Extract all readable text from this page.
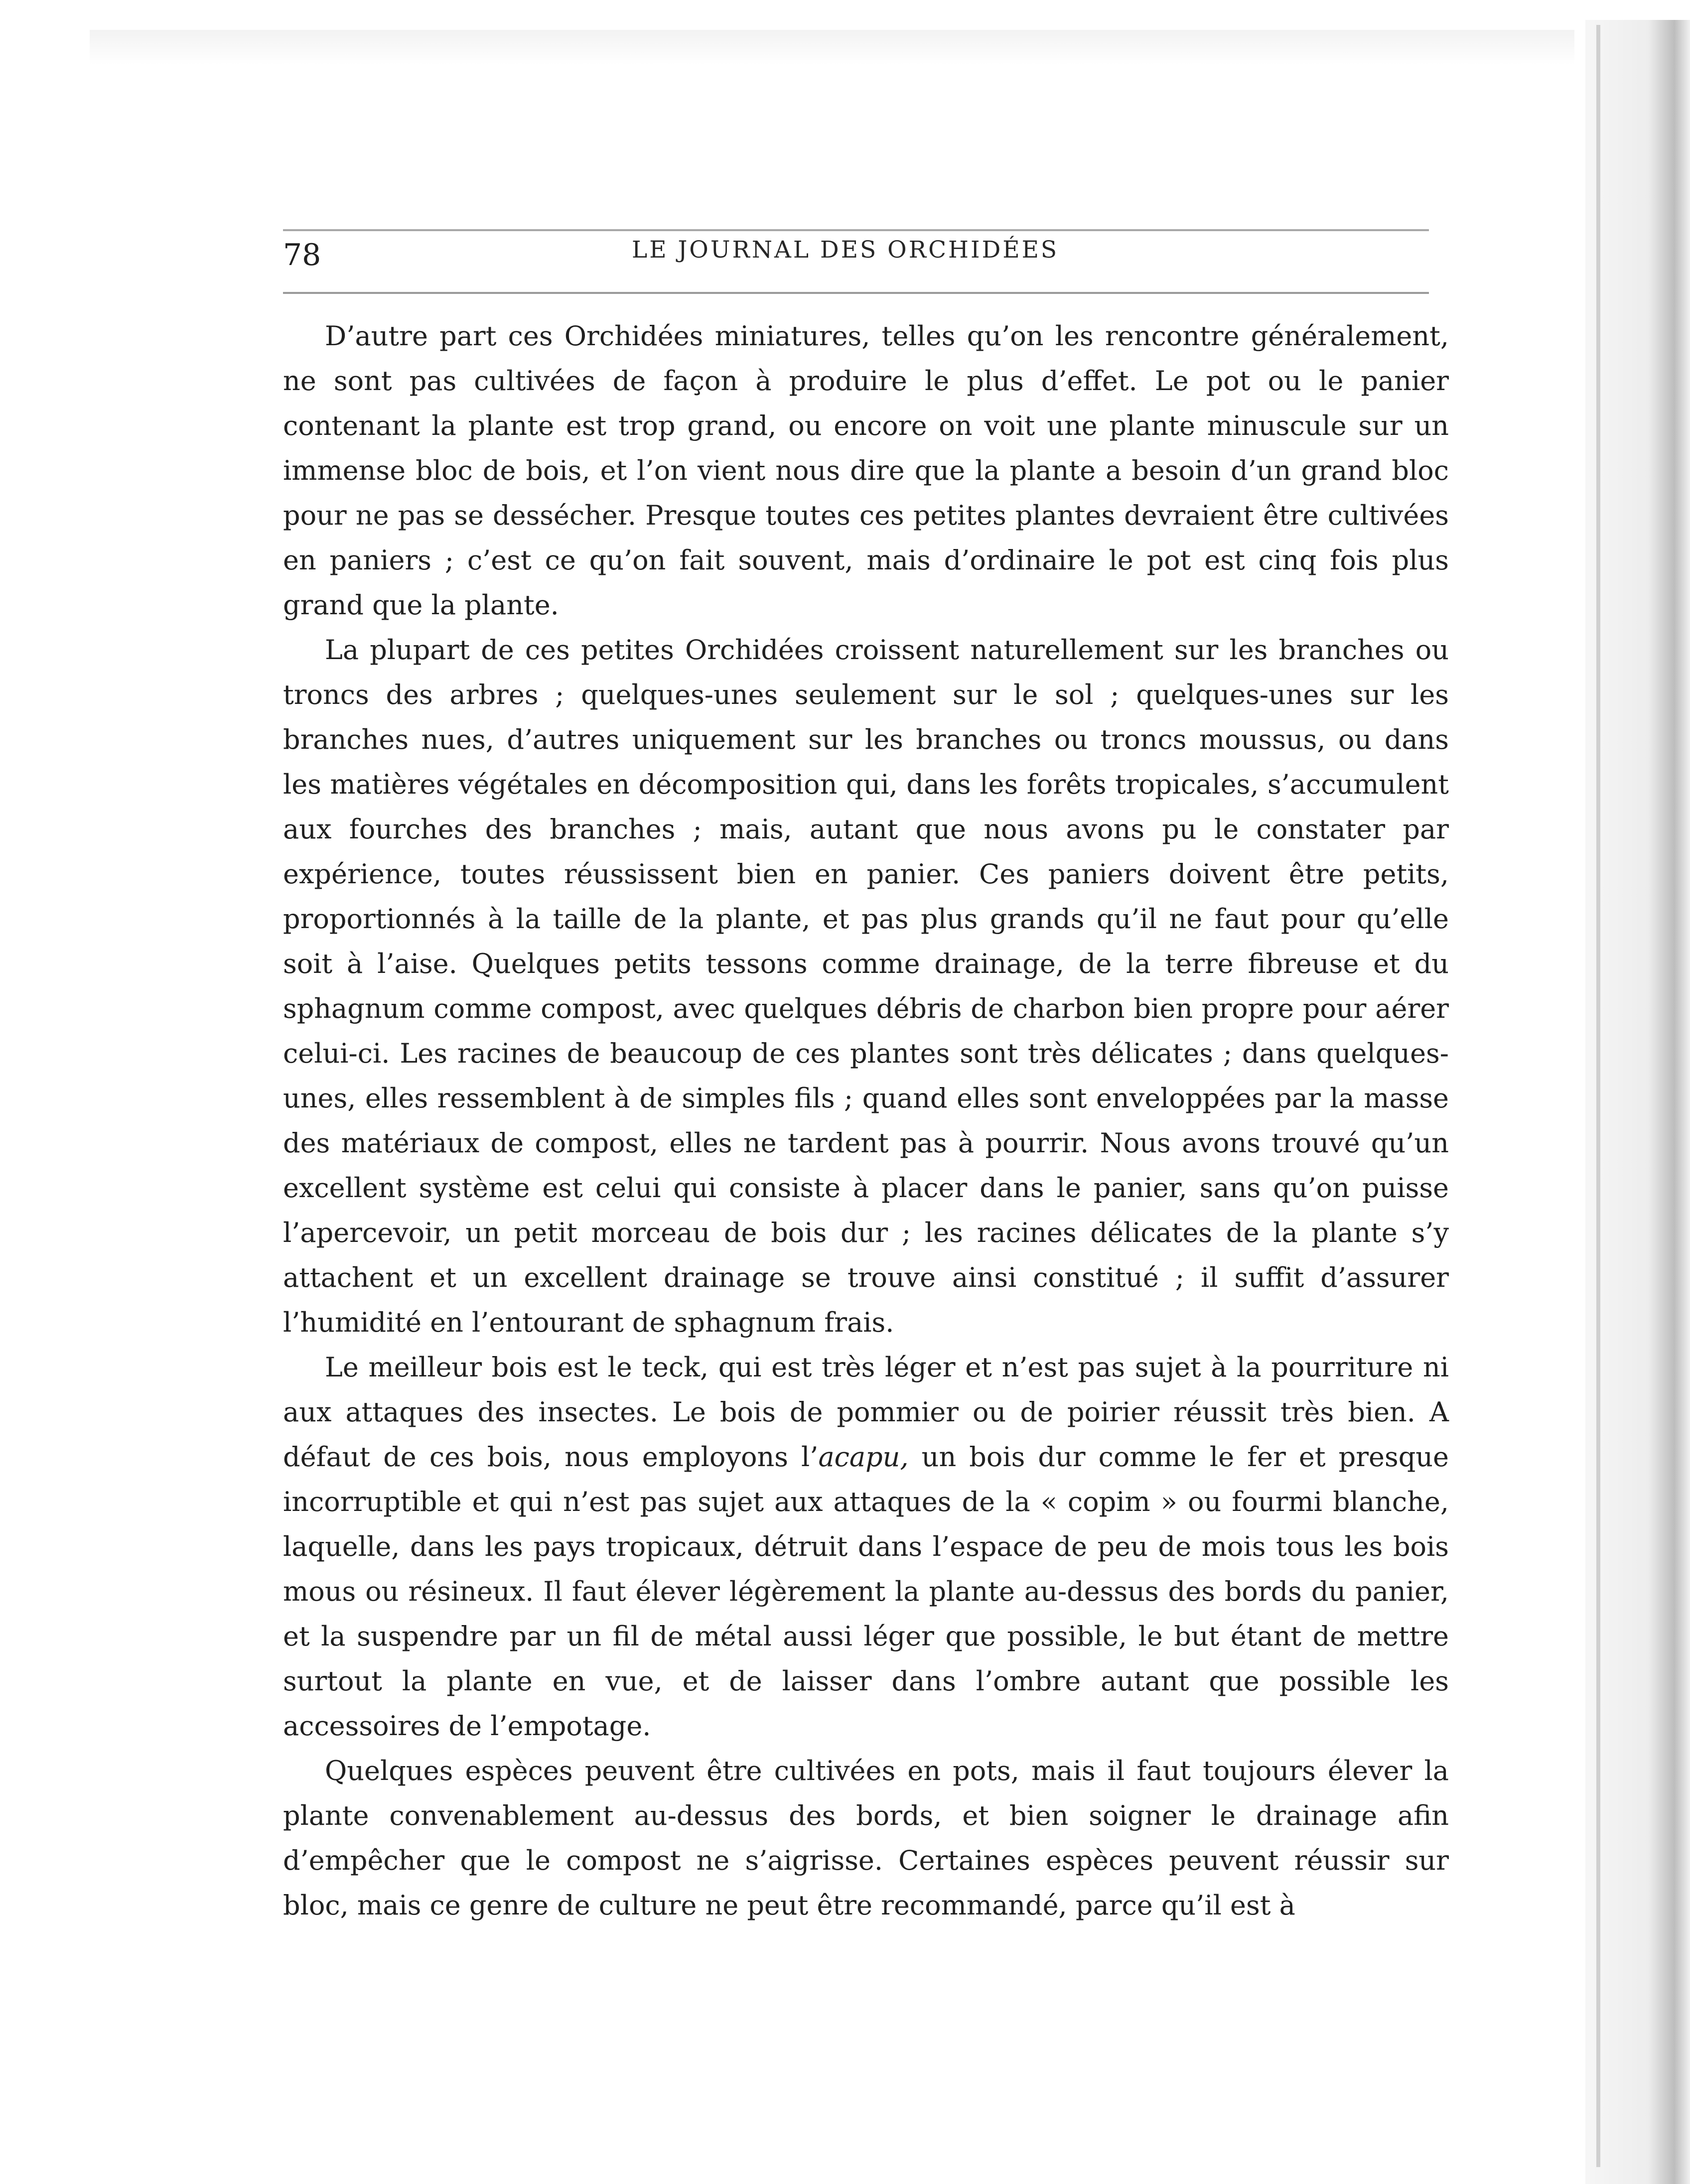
78	LE JOURNAL DES ORCHIDÉES

D’autre part ces Orchidées miniatures, telles qu’on les rencontre généralement, ne sont pas cultivées de façon à produire le plus d’effet. Le pot ou le panier contenant la plante est trop grand, ou encore on voit une plante minuscule sur un immense bloc de bois, et l’on vient nous dire que la plante a besoin d’un grand bloc pour ne pas se dessécher. Presque toutes ces petites plantes devraient être cultivées en paniers ; c’est ce qu’on fait souvent, mais d’ordinaire le pot est cinq fois plus grand que la plante.

La plupart de ces petites Orchidées croissent naturellement sur les branches ou troncs des arbres ; quelques-unes seulement sur le sol ; quelques-unes sur les branches nues, d’autres uniquement sur les branches ou troncs moussus, ou dans les matières végétales en décomposition qui, dans les forêts tropicales, s’accumulent aux fourches des branches ; mais, autant que nous avons pu le constater par expérience, toutes réussissent bien en panier. Ces paniers doivent être petits, proportionnés à la taille de la plante, et pas plus grands qu’il ne faut pour qu’elle soit à l’aise. Quelques petits tessons comme drainage, de la terre fibreuse et du sphagnum comme compost, avec quelques débris de charbon bien propre pour aérer celui-ci. Les racines de beaucoup de ces plantes sont très délicates ; dans quelques-unes, elles ressemblent à de simples fils ; quand elles sont enveloppées par la masse des matériaux de compost, elles ne tardent pas à pourrir. Nous avons trouvé qu’un excellent système est celui qui consiste à placer dans le panier, sans qu’on puisse l’apercevoir, un petit morceau de bois dur ; les racines délicates de la plante s’y attachent et un excellent drainage se trouve ainsi constitué ; il suffit d’assurer l’humidité en l’entourant de sphagnum frais.

Le meilleur bois est le teck, qui est très léger et n’est pas sujet à la pourriture ni aux attaques des insectes. Le bois de pommier ou de poirier réussit très bien. A défaut de ces bois, nous employons l’acapu, un bois dur comme le fer et presque incorruptible et qui n’est pas sujet aux attaques de la « copim » ou fourmi blanche, laquelle, dans les pays tropicaux, détruit dans l’espace de peu de mois tous les bois mous ou résineux. Il faut élever légèrement la plante au-dessus des bords du panier, et la suspendre par un fil de métal aussi léger que possible, le but étant de mettre surtout la plante en vue, et de laisser dans l’ombre autant que possible les accessoires de l’empotage.

Quelques espèces peuvent être cultivées en pots, mais il faut toujours élever la plante convenablement au-dessus des bords, et bien soigner le drainage afin d’empêcher que le compost ne s’aigrisse. Certaines espèces peuvent réussir sur bloc, mais ce genre de culture ne peut être recommandé, parce qu’il est à
